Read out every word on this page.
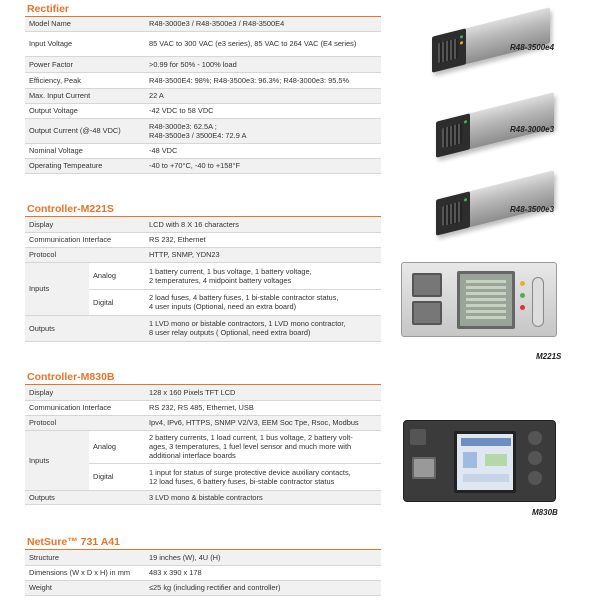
Rectifier
Model Name	R48-3000e3 / R48-3500e3 / R48-3500E4
Input Voltage	85 VAC to 300 VAC (e3 series), 85 VAC to 264 VAC (E4 series)
Power Factor	>0.99 for 50% - 100% load
Efficiency, Peak	R48-3500E4: 98%; R48-3500e3: 96.3%; R48-3000e3: 95.5%
Max. Input Current	22 A
Output Voltage	-42 VDC to 58 VDC
Output Current (@-48 VDC)	R48-3000e3: 62.5A ;
R48-3500e3 / 3500E4: 72.9 A

Nominal Voltage	-48 VDC
Operating Tempeature	-40 to +70°C, -40 to +158°F
Controller-M221S
Display		LCD with 8 X 16 characters
Communication Interface		RS 232, Ethernet
Protocol		HTTP, SNMP, YDN23
Inputs	Analog	1 battery current, 1 bus voltage, 1 battery voltage,
2 temperatures, 4 midpoint battery voltages

	Digital	2 load fuses, 4 battery fuses, 1 bi-stable contractor status,
4 user inputs (Optional, need an extra board)

Outputs		1 LVD mono or bistable contractors, 1 LVD mono contractor,
8 user relay outputs ( Optional, need extra board)
Controller-M830B
Display		128 x 160 Pixels TFT LCD
Communication Interface		RS 232, RS 485, Ethernet, USB
Protocol		Ipv4, IPv6, HTTPS, SNMP V2/V3, EEM Soc Tpe, Rsoc, Modbus
Inputs	Analog	2 battery currents, 1 load current, 1 bus voltage, 2 battery volt-
ages, 3 temperatures, 1 fuel level sensor and much more with
additional interface boards

	Digital	1 input for status of surge protective device auxiliary contacts,
12 load fuses, 6 battery fuses, bi-stable contractor status

Outputs		3 LVD mono & bistable contractors
NetSure™ 731 A41
Structure	19 inches (W), 4U (H)
Dimensions (W x D x H) in mm	483 x 390 x 178
Weight	≤25 kg (including rectifier and controller)
R48-3500e4
R48-3000e3
R48-3500e3
M221S
M830B
